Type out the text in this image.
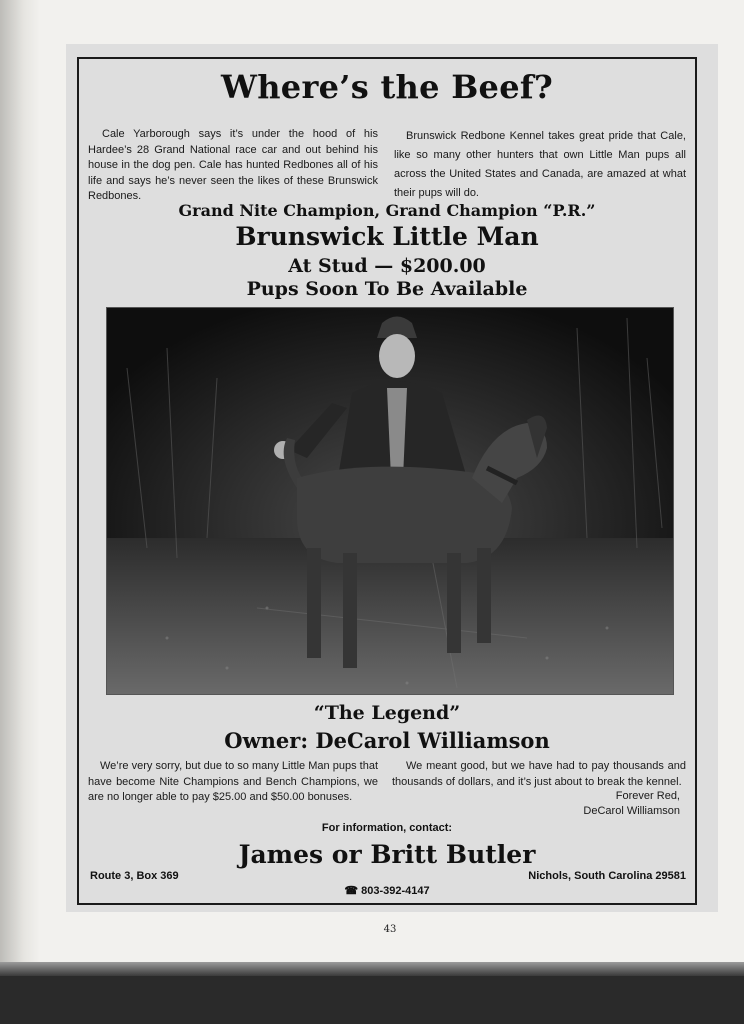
Where’s the Beef?

Cale Yarborough says it’s under the hood of his Hardee’s 28 Grand National race car and out behind his house in the dog pen. Cale has hunted Redbones all of his life and says he’s never seen the likes of these Brunswick Redbones.

Brunswick Redbone Kennel takes great pride that Cale, like so many other hunters that own Little Man pups all across the United States and Canada, are amazed at what their pups will do.

Grand Nite Champion, Grand Champion “P.R.”
Brunswick Little Man
At Stud — $200.00
Pups Soon To Be Available
“The Legend”
Owner: DeCarol Williamson

We’re very sorry, but due to so many Little Man pups that have become Nite Champions and Bench Champions, we are no longer able to pay $25.00 and $50.00 bonuses.

We meant good, but we have had to pay thousands and thousands of dollars, and it’s just about to break the kennel.

Forever Red,
DeCarol Williamson
For information, contact:
James or Britt Butler
Route 3, Box 369	Nichols, South Carolina 29581
☎ 803-392-4147
43
